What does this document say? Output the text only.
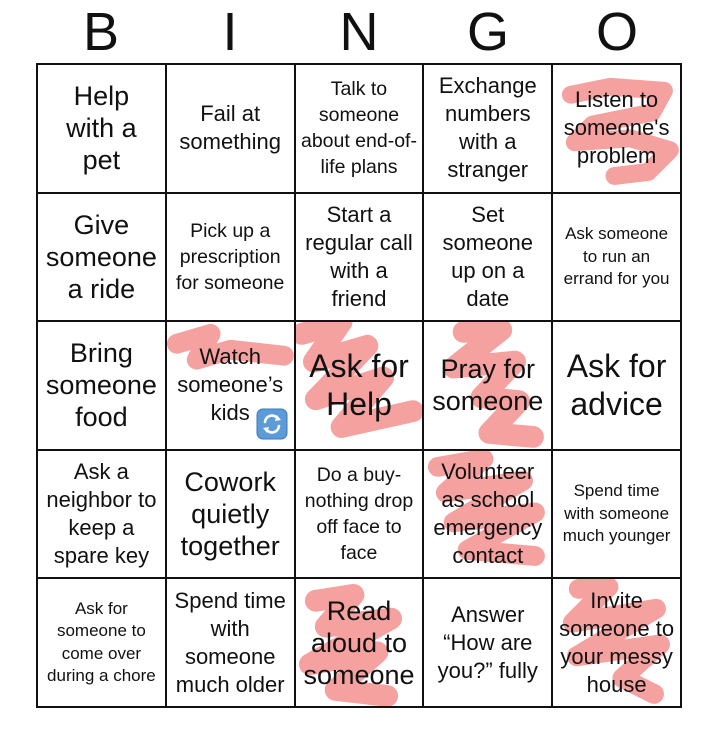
B	I	N	G	O
Help with a pet
Fail at something
Talk to someone about end-of-life plans
Exchange numbers with a stranger
Listen to someone's problem
Give someone a ride
Pick up a prescription for someone
Start a regular call with a friend
Set someone up on a date
Ask someone to run an errand for you
Bring someone food
Watch someone’s kids
Ask for Help
Pray for someone
Ask for advice
Ask a neighbor to keep a spare key
Cowork quietly together
Do a buy-nothing drop off face to face
Volunteer as school emergency contact
Spend time with someone much younger
Ask for someone to come over during a chore
Spend time with someone much older
Read aloud to someone
Answer “How are you?” fully
Invite someone to your messy house
